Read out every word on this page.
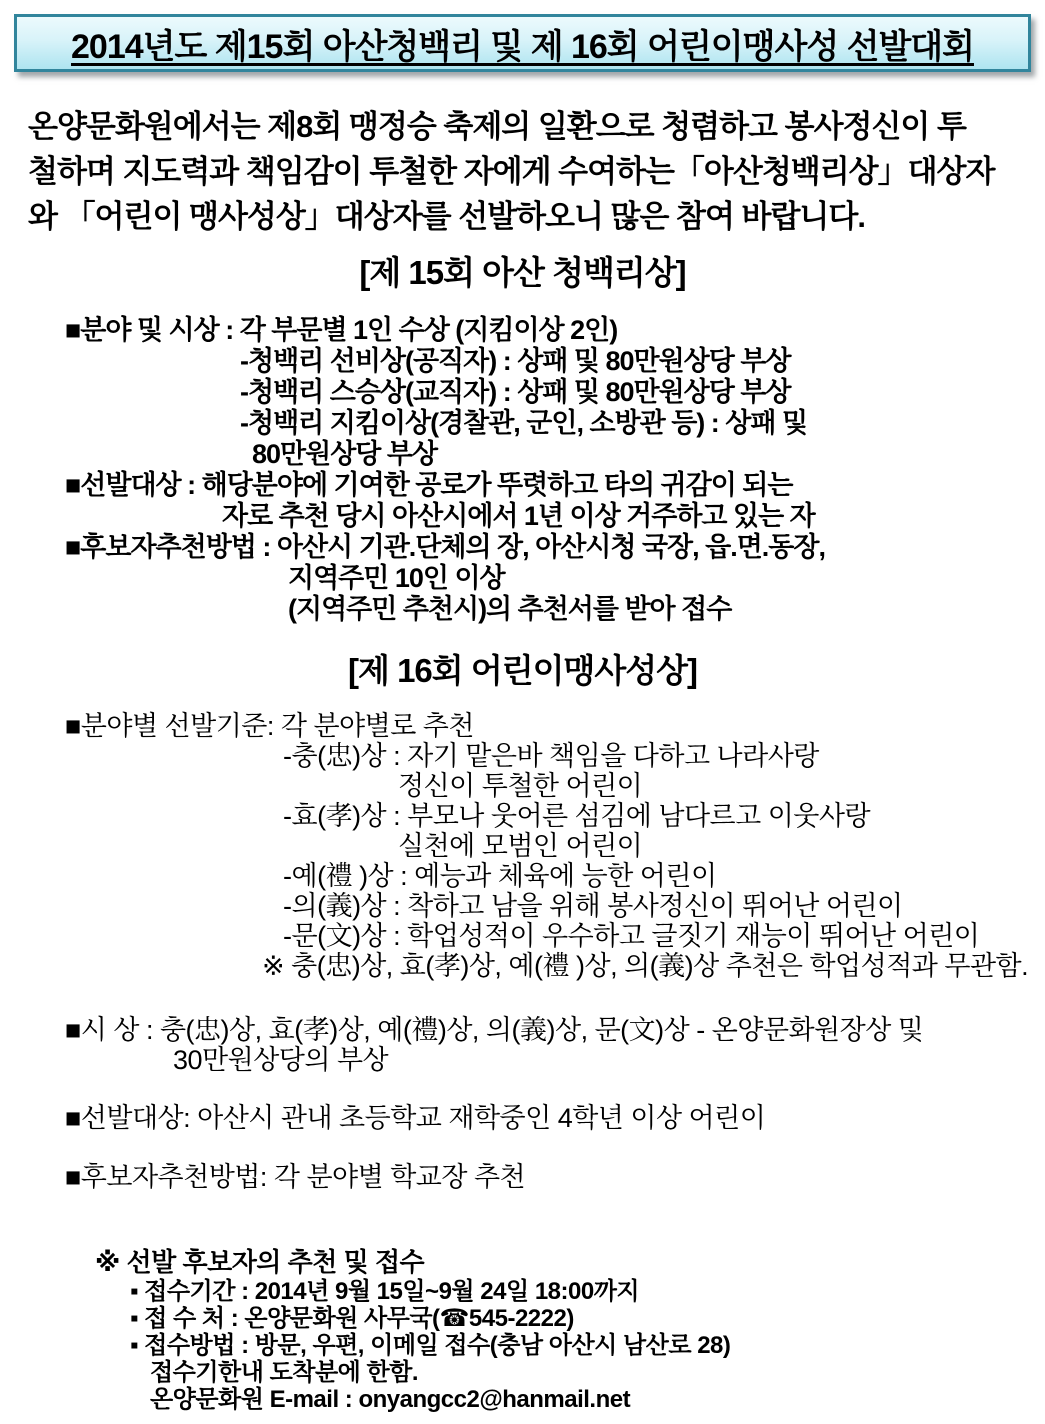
2014년도 제15회 아산청백리 및 제 16회 어린이맹사성 선발대회
온양문화원에서는 제8회 맹정승 축제의 일환으로 청렴하고 봉사정신이 투
철하며 지도력과 책임감이 투철한 자에게 수여하는「아산청백리상」대상자
와 「어린이 맹사성상」대상자를 선발하오니 많은 참여 바랍니다.
[제 15회 아산 청백리상]
■분야 및 시상 : 각 부문별 1인 수상 (지킴이상 2인)
-청백리 선비상(공직자) : 상패 및 80만원상당 부상
-청백리 스승상(교직자) : 상패 및 80만원상당 부상
-청백리 지킴이상(경찰관, 군인, 소방관 등) : 상패 및
80만원상당 부상
■선발대상 : 해당분야에 기여한 공로가 뚜렷하고 타의 귀감이 되는
자로 추천 당시 아산시에서 1년 이상 거주하고 있는 자
■후보자추천방법 : 아산시 기관.단체의 장, 아산시청 국장, 읍.면.동장,
지역주민 10인 이상
(지역주민 추천시)의 추천서를 받아 접수
[제 16회 어린이맹사성상]
■분야별 선발기준: 각 분야별로 추천
-충(忠)상 : 자기 맡은바 책임을 다하고 나라사랑
정신이 투철한 어린이
-효(孝)상 : 부모나 웃어른 섬김에 남다르고 이웃사랑
실천에 모범인 어린이
-예(禮 )상 : 예능과 체육에 능한 어린이
-의(義)상 : 착하고 남을 위해 봉사정신이 뛰어난 어린이
-문(文)상 : 학업성적이 우수하고 글짓기 재능이 뛰어난 어린이
※ 충(忠)상, 효(孝)상, 예(禮 )상, 의(義)상 추천은 학업성적과 무관함.
■시 상 : 충(忠)상, 효(孝)상, 예(禮)상, 의(義)상, 문(文)상 - 온양문화원장상 및
30만원상당의 부상
■선발대상: 아산시 관내 초등학교 재학중인 4학년 이상 어린이
■후보자추천방법: 각 분야별 학교장 추천
※ 선발 후보자의 추천 및 접수
▪ 접수기간 : 2014년 9월 15일~9월 24일 18:00까지
▪ 접 수 처 : 온양문화원 사무국(☎545-2222)
▪ 접수방법 : 방문, 우편, 이메일 접수(충남 아산시 남산로 28)
접수기한내 도착분에 한함.
온양문화원 E-mail : onyangcc2@hanmail.net
